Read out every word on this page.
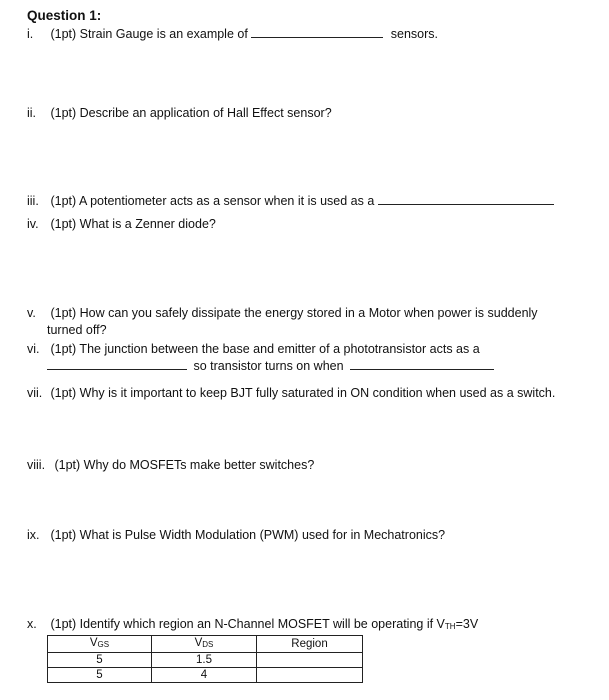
Question 1:
i. (1pt) Strain Gauge is an example of	sensors.
ii. (1pt) Describe an application of Hall Effect sensor?
iii. (1pt) A potentiometer acts as a sensor when it is used as a
iv. (1pt) What is a Zenner diode?
v. (1pt) How can you safely dissipate the energy stored in a Motor when power is suddenly
turned off?
vi. (1pt) The junction between the base and emitter of a phototransistor acts as a
so transistor turns on when
vii. (1pt) Why is it important to keep BJT fully saturated in ON condition when used as a switch.
viii. (1pt) Why do MOSFETs make better switches?
ix. (1pt) What is Pulse Width Modulation (PWM) used for in Mechatronics?
x. (1pt) Identify which region an N-Channel MOSFET will be operating if $V_{TH}=3V$
$V_{GS}$	$V_{DS}$	Region
5	1.5	
5	4	
